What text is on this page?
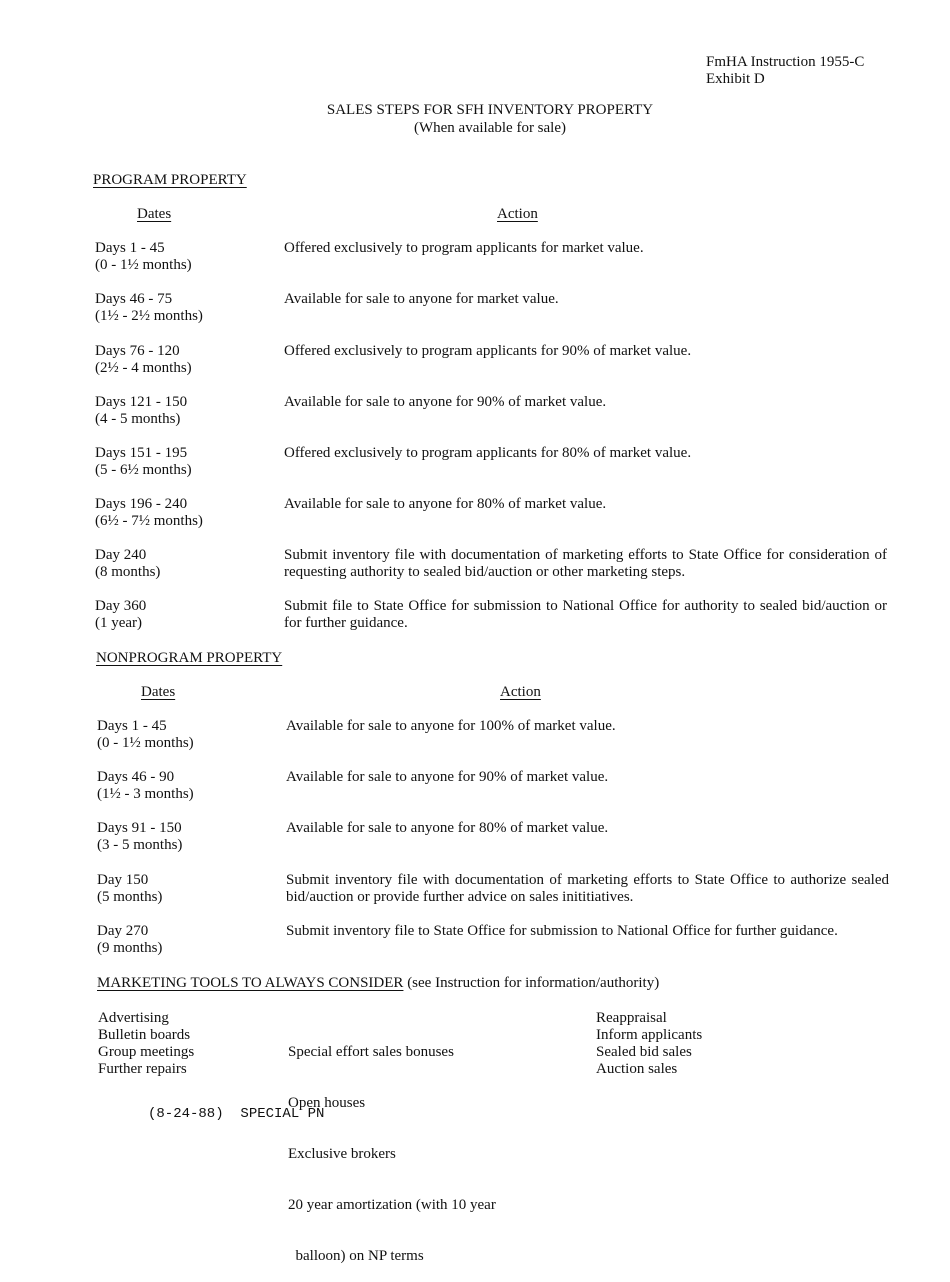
FmHA Instruction 1955-C
Exhibit D
SALES STEPS FOR SFH INVENTORY PROPERTY
(When available for sale)
PROGRAM PROPERTY
Dates	Action
Days 1 - 45
(0 - 1½ months)
Offered exclusively to program applicants for market value.
Days 46 - 75
(1½ - 2½ months)
Available for sale to anyone for market value.
Days 76 - 120
(2½ - 4 months)
Offered exclusively to program applicants for 90% of market value.
Days 121 - 150
(4 - 5 months)
Available for sale to anyone for 90% of market value.
Days 151 - 195
(5 - 6½ months)
Offered exclusively to program applicants for 80% of market value.
Days 196 - 240
(6½ - 7½ months)
Available for sale to anyone for 80% of market value.
Day 240
(8 months)
Submit inventory file with documentation of marketing efforts to State Office for consideration of requesting authority to sealed bid/auction or other marketing steps.
Day 360
(1 year)
Submit file to State Office for submission to National Office for authority to sealed bid/auction or for further guidance.
NONPROGRAM PROPERTY
Dates	Action
Days 1 - 45
(0 - 1½ months)
Available for sale to anyone for 100% of market value.
Days 46 - 90
(1½ - 3 months)
Available for sale to anyone for 90% of market value.
Days 91 - 150
(3 - 5 months)
Available for sale to anyone for 80% of market value.
Day 150
(5 months)
Submit inventory file with documentation of marketing efforts to State Office to authorize sealed bid/auction or provide further advice on sales inititiatives.
Day 270
(9 months)
Submit inventory file to State Office for submission to National Office for further guidance.
MARKETING TOOLS TO ALWAYS CONSIDER (see Instruction for information/authority)
Advertising
Bulletin boards
Group meetings
Further repairs

Special effort sales bonuses

Open houses

Exclusive brokers

20 year amortization (with 10 year

balloon) on NP terms

Reappraisal
Inform applicants
Sealed bid sales
Auction sales
(8-24-88)  SPECIAL PN
